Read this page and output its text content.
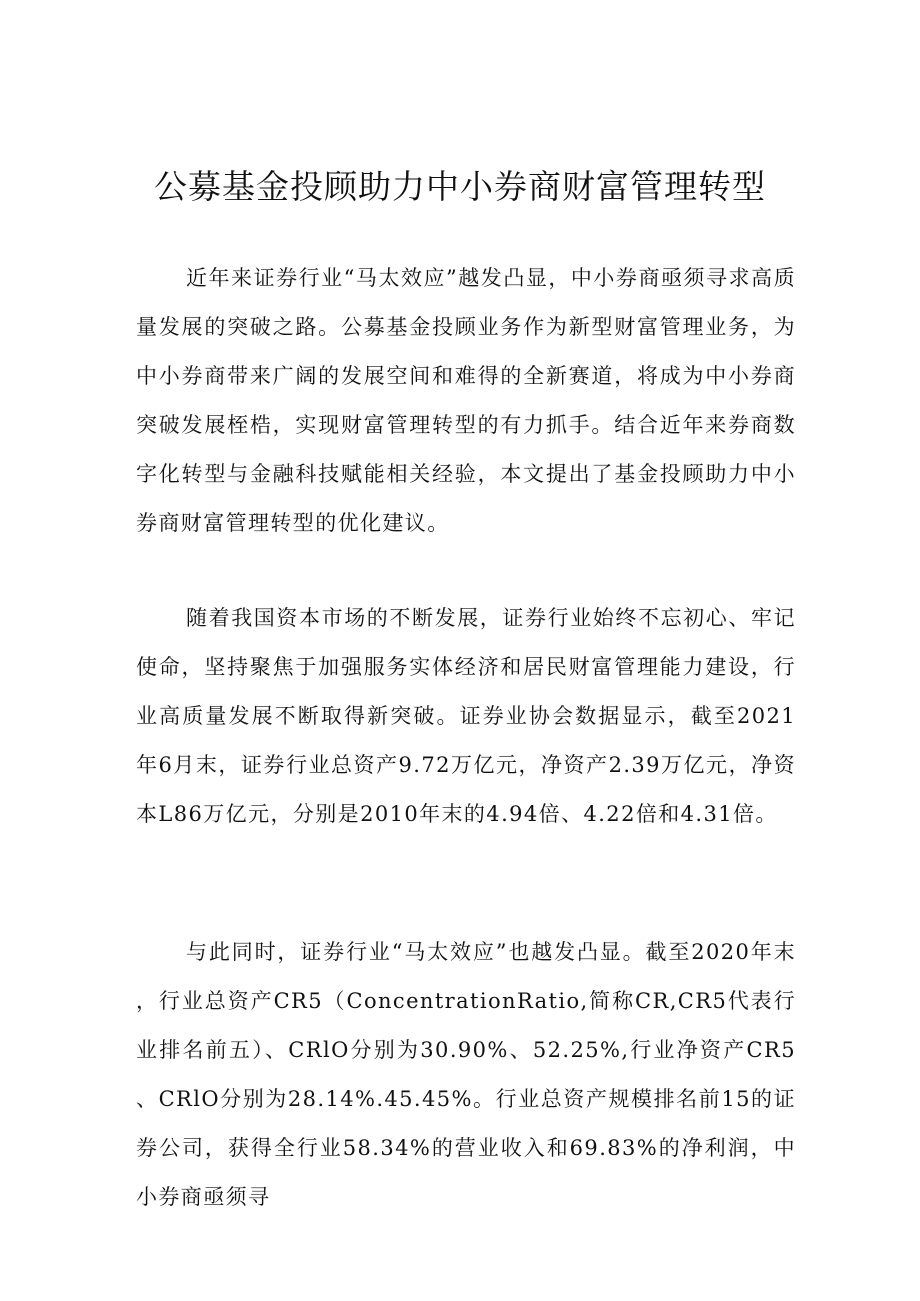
公募基金投顾助力中小券商财富管理转型

近年来证券行业“马太效应”越发凸显，中小券商亟须寻求高质量发展的突破之路。公募基金投顾业务作为新型财富管理业务，为中小券商带来广阔的发展空间和难得的全新赛道，将成为中小券商突破发展桎梏，实现财富管理转型的有力抓手。结合近年来券商数字化转型与金融科技赋能相关经验，本文提出了基金投顾助力中小券商财富管理转型的优化建议。

随着我国资本市场的不断发展，证券行业始终不忘初心、牢记使命，坚持聚焦于加强服务实体经济和居民财富管理能力建设，行业高质量发展不断取得新突破。证券业协会数据显示，截至2021年6月末，证券行业总资产9.72万亿元，净资产2.39万亿元，净资本L86万亿元，分别是2010年末的4.94倍、4.22倍和4.31倍。

与此同时，证券行业“马太效应”也越发凸显。截至2020年末，行业总资产CR5（ConcentrationRatio,简称CR,CR5代表行业排名前五）、CRlO分别为30.90%、52.25%,行业净资产CR5、CRlO分别为28.14%.45.45%。行业总资产规模排名前15的证券公司，获得全行业58.34%的营业收入和69.83%的净利润，中小券商亟须寻
